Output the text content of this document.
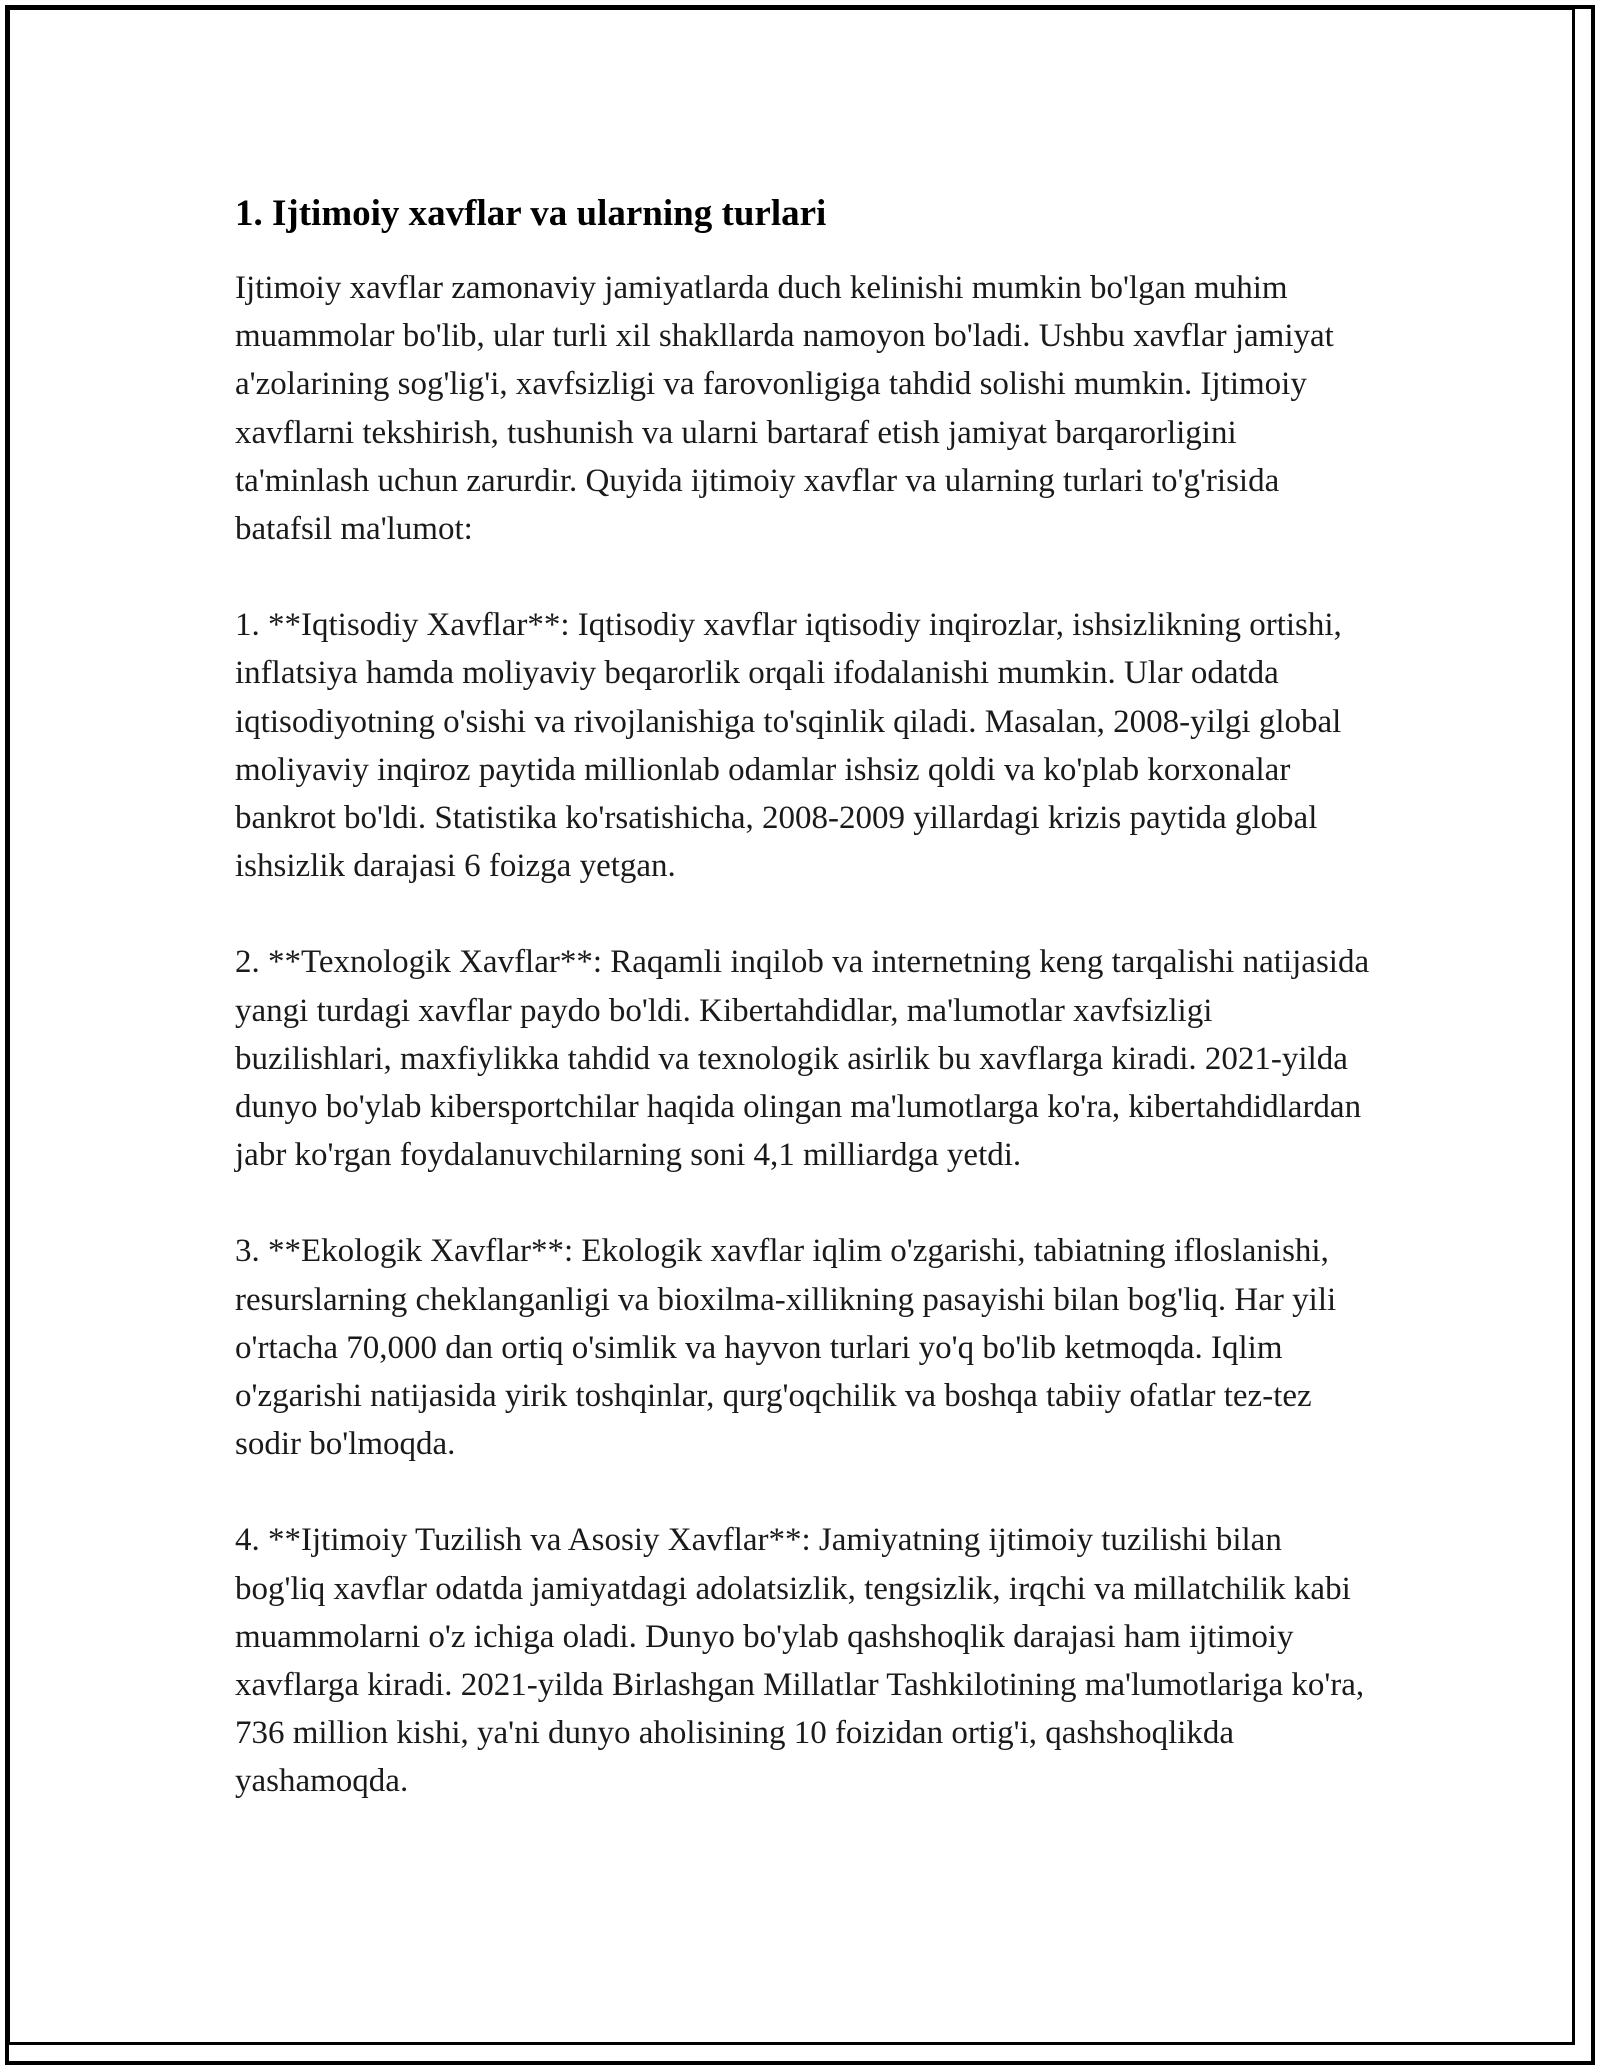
1. Ijtimoiy xavflar va ularning turlari

Ijtimoiy xavflar zamonaviy jamiyatlarda duch kelinishi mumkin bo'lgan muhim muammolar bo'lib, ular turli xil shakllarda namoyon bo'ladi. Ushbu xavflar jamiyat a'zolarining sog'lig'i, xavfsizligi va farovonligiga tahdid solishi mumkin. Ijtimoiy xavflarni tekshirish, tushunish va ularni bartaraf etish jamiyat barqarorligini ta'minlash uchun zarurdir. Quyida ijtimoiy xavflar va ularning turlari to'g'risida batafsil ma'lumot:

1. **Iqtisodiy Xavflar**: Iqtisodiy xavflar iqtisodiy inqirozlar, ishsizlikning ortishi, inflatsiya hamda moliyaviy beqarorlik orqali ifodalanishi mumkin. Ular odatda iqtisodiyotning o'sishi va rivojlanishiga to'sqinlik qiladi. Masalan, 2008-yilgi global moliyaviy inqiroz paytida millionlab odamlar ishsiz qoldi va ko'plab korxonalar bankrot bo'ldi. Statistika ko'rsatishicha, 2008-2009 yillardagi krizis paytida global ishsizlik darajasi 6 foizga yetgan.

2. **Texnologik Xavflar**: Raqamli inqilob va internetning keng tarqalishi natijasida yangi turdagi xavflar paydo bo'ldi. Kibertahdidlar, ma'lumotlar xavfsizligi buzilishlari, maxfiylikka tahdid va texnologik asirlik bu xavflarga kiradi. 2021-yilda dunyo bo'ylab kibersportchilar haqida olingan ma'lumotlarga ko'ra, kibertahdidlardan jabr ko'rgan foydalanuvchilarning soni 4,1 milliardga yetdi.

3. **Ekologik Xavflar**: Ekologik xavflar iqlim o'zgarishi, tabiatning ifloslanishi, resurslarning cheklanganligi va bioxilma-xillikning pasayishi bilan bog'liq. Har yili o'rtacha 70,000 dan ortiq o'simlik va hayvon turlari yo'q bo'lib ketmoqda. Iqlim o'zgarishi natijasida yirik toshqinlar, qurg'oqchilik va boshqa tabiiy ofatlar tez-tez sodir bo'lmoqda.

4. **Ijtimoiy Tuzilish va Asosiy Xavflar**: Jamiyatning ijtimoiy tuzilishi bilan bog'liq xavflar odatda jamiyatdagi adolatsizlik, tengsizlik, irqchi va millatchilik kabi muammolarni o'z ichiga oladi. Dunyo bo'ylab qashshoqlik darajasi ham ijtimoiy xavflarga kiradi. 2021-yilda Birlashgan Millatlar Tashkilotining ma'lumotlariga ko'ra, 736 million kishi, ya'ni dunyo aholisining 10 foizidan ortig'i, qashshoqlikda yashamoqda.
